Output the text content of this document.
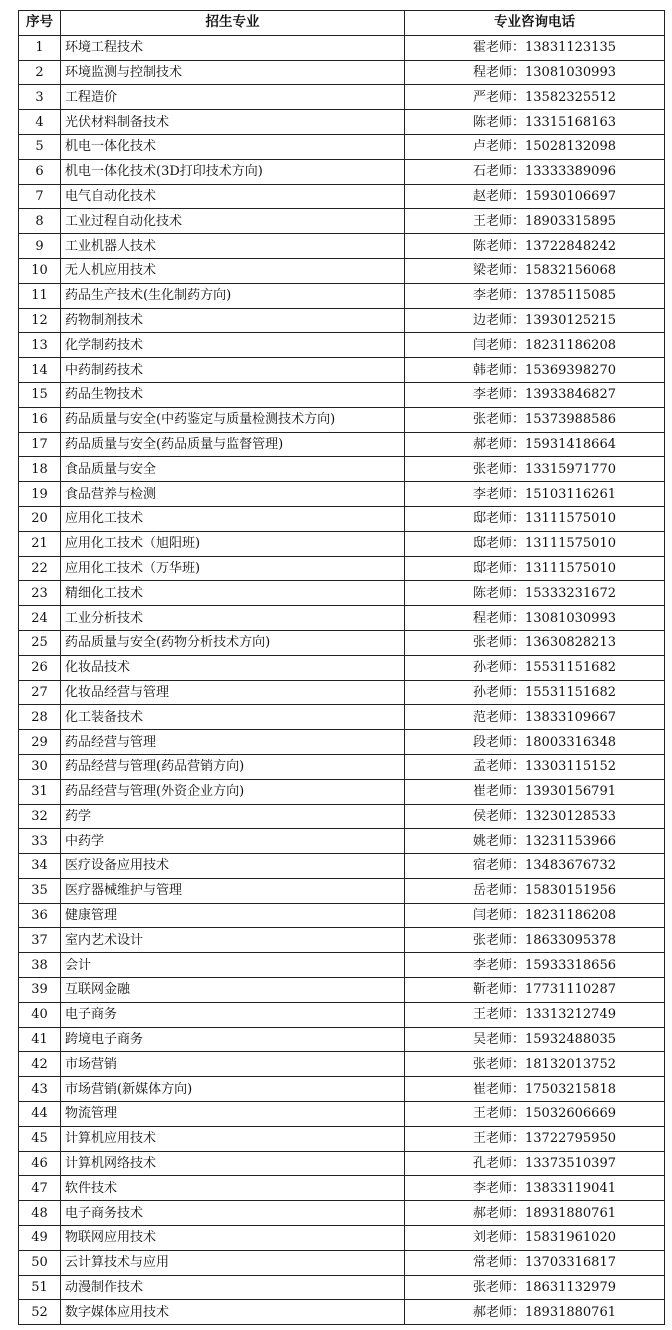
序号	招生专业	专业咨询电话
1	环境工程技术	霍老师：13831123135
2	环境监测与控制技术	程老师：13081030993
3	工程造价	严老师：13582325512
4	光伏材料制备技术	陈老师：13315168163
5	机电一体化技术	卢老师：15028132098
6	机电一体化技术(3D打印技术方向)	石老师：13333389096
7	电气自动化技术	赵老师：15930106697
8	工业过程自动化技术	王老师：18903315895
9	工业机器人技术	陈老师：13722848242
10	无人机应用技术	梁老师：15832156068
11	药品生产技术(生化制药方向)	李老师：13785115085
12	药物制剂技术	边老师：13930125215
13	化学制药技术	闫老师：18231186208
14	中药制药技术	韩老师：15369398270
15	药品生物技术	李老师：13933846827
16	药品质量与安全(中药鉴定与质量检测技术方向)	张老师：15373988586
17	药品质量与安全(药品质量与监督管理)	郝老师：15931418664
18	食品质量与安全	张老师：13315971770
19	食品营养与检测	李老师：15103116261
20	应用化工技术	邸老师：13111575010
21	应用化工技术（旭阳班)	邸老师：13111575010
22	应用化工技术（万华班)	邸老师：13111575010
23	精细化工技术	陈老师：15333231672
24	工业分析技术	程老师：13081030993
25	药品质量与安全(药物分析技术方向)	张老师：13630828213
26	化妆品技术	孙老师：15531151682
27	化妆品经营与管理	孙老师：15531151682
28	化工装备技术	范老师：13833109667
29	药品经营与管理	段老师：18003316348
30	药品经营与管理(药品营销方向)	孟老师：13303115152
31	药品经营与管理(外资企业方向)	崔老师：13930156791
32	药学	侯老师：13230128533
33	中药学	姚老师：13231153966
34	医疗设备应用技术	宿老师：13483676732
35	医疗器械维护与管理	岳老师：15830151956
36	健康管理	闫老师：18231186208
37	室内艺术设计	张老师：18633095378
38	会计	李老师：15933318656
39	互联网金融	靳老师：17731110287
40	电子商务	王老师：13313212749
41	跨境电子商务	吴老师：15932488035
42	市场营销	张老师：18132013752
43	市场营销(新媒体方向)	崔老师：17503215818
44	物流管理	王老师：15032606669
45	计算机应用技术	王老师：13722795950
46	计算机网络技术	孔老师：13373510397
47	软件技术	李老师：13833119041
48	电子商务技术	郝老师：18931880761
49	物联网应用技术	刘老师：15831961020
50	云计算技术与应用	常老师：13703316817
51	动漫制作技术	张老师：18631132979
52	数字媒体应用技术	郝老师：18931880761
